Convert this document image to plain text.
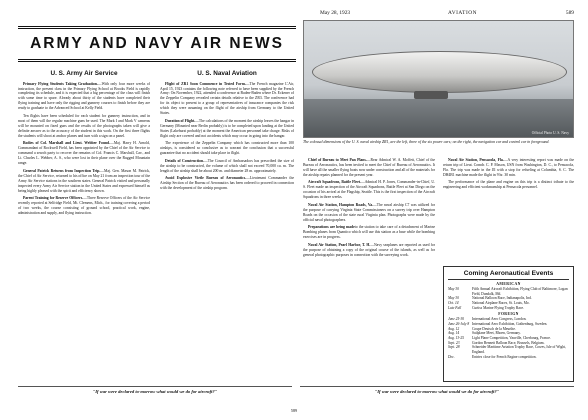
May 28, 1923	AVIATION	589
ARMY AND NAVY AIR NEWS
Official Photo U. S. Navy
The colossal dimensions of the U. S. naval airship ZR1, are the left, three of the six power cars; on the right, the navigation car and control car in foreground.
U. S. Army Air Service

Primary Flying Students Taking Graduation.—With only four more weeks of instruction, the present class in the Primary Flying School at Brooks Field is rapidly completing its schedule, and it is expected that a big percentage of the class will finish with some time to spare. Already about thirty of the students have completed their flying training and have only the rigging and gunnery courses to finish before they are ready to graduate to the Advanced School at Kelly Field.

Ten flights have been scheduled for each student for gunnery instruction, and in most of them will the regular machine guns be used. The Mark I and Mark V cameras will be mounted on fixed guns and the results of the photographs taken will give a definite answer as to the accuracy of the student in this work. On the first three flights the students will shoot at anchor planes and turn with a sign on a panel.

Bodies of Col. Marshall and Lieut. Webber Found.—Maj. Harry H. Arnold, Commandant of Rockwell Field, has been appointed by the Chief of the Air Service to command a search party to recover the remains of Col. Francis C. Marshall, Cav., and Lt. Charles L. Webber, A. S., who were lost in their plane over the Rugged Mountain range.

General Patrick Returns from Inspection Trip.—Maj. Gen. Mason M. Patrick, the Chief of Air Service, returned to his office on May 21 from an inspection tour of the Army Air Service stations in the southern states. General Patrick visited and personally inspected every Army Air Service station in the United States and expressed himself as being highly pleased with the spirit and efficiency shown.

Parent Training for Reserve Officers.—Three Reserve Officers of the Air Service recently reported at Selfridge Field, Mt. Clemens, Mich., for training covering a period of two weeks, the course consisting of ground school, practical work, engine, administration and supply, and flying instruction.

U. S. Naval Aviation

Flight of ZR1 Soon Commence in Tested Form.—The French magazine L'Air, April 15, 1923 contains the following note referred to have been supplied by the French Army: On November, 1922, attended a conference at Baden-Baden where Dr. Eckener of the Zeppelin Company revealed certain details relative to the ZR3. The conference had for its object to present to a group of representatives of insurance companies the risk which they were assuming on the flight of the airship from Germany to the United States.

Duration of Flight.—The calculations of the moment the airship leaves the hangar in Germany (Mounted near Berlin probably) is to be completed upon landing at the United States (Lakehurst probably) at the moment the American personnel take charge. Risks of flight only are covered and not accidents which may occur in going into the hangar.

The experience of the Zeppelin Company which has constructed more than 100 airships, is considered so conclusive as to warrant the conclusion that a successful guarantee that no accident should take place in flight.

Details of Construction.—The Council of Ambassadors has prescribed the size of the airship to be constructed, the volume of which shall not exceed 70,000 cu. m. The length of the airship shall be about 200 m. and diameter 28 m. approximately.

Avoid Explosive Vietle Bureau of Aeronautics.—Lieutenant Commander the Airship Section of the Bureau of Aeronautics has been ordered to proceed in connection with the development of the airship program.

Chief of Bureau to Meet Pan Plans.—Rear Admiral W. A. Moffett, Chief of the Bureau of Aeronautics, has been invited to meet the Chief of Bureau of Aeronautics. It will have all the smaller flying boats now under construction and all of the materials for the airship repairs planned for the present year.

Aircraft Squadrons, Battle Fleet.—Admiral H. P. Jones, Commander-in-Chief, U. S. Fleet made an inspection of the Aircraft Squadrons, Battle Fleet at San Diego on the occasion of his arrival at the Flagship, Seattle. This is the first inspection of the Aircraft Squadrons in three weeks.

Naval Air Station, Hampton Roads, Va.—The naval airship C7 was utilized for the purpose of carrying Virginia State Commissioners on a survey trip over Hampton Roads on the occasion of the state rural Virginia plan. Photographs were made by the official naval photographers.

Preparations are being madeto the station to take care of a detachment of Marine Bombing planes from Quantico which will use this station as a base while the bombing exercises are in progress.

Naval Air Station, Pearl Harbor, T. H.—Navy seaplanes are reported as used for the purpose of obtaining a copy of the original course of the islands, as well as for general photographic purposes in connection with the surveying work.

Naval Air Station, Pensacola, Fla.—A very interesting report was made on the return trip of Lieut. Comdr. C. P. Mason, USN from Washington, D. C., to Pensacola, Fla. The trip was made in the Jll with a stop for refueling at Columbia, S. C. The DH4B1 machine made the flight in 9 hr. 30 min.

The performance of the plane and engine on this trip is a distinct tribute to the engineering and efficient workmanship at Pensacola personnel.

Coming Aeronautical Events
AMERICAN
May 30	Fifth Annual Aircraft Exhibition, Flying Club of Baltimore, Logan Field, Dundalk, Md.
May 30	National Balloon Race, Indianapolis, Ind.
Oct. 14	National Airplane Races, St. Louis, Mo.
Late Fall	Curtiss Marine Flying Trophy Race.
FOREIGN
June 25-30	International Aero Congress, London.
June 26-July 8 International Aero Exhibition, Gothenburg, Sweden.
Aug. 12	Coupe Deutsch de la Meurthe.
Aug. 14	Sailplane Meet, Rhoen, Germany.
Aug. 13-25	Light Plane Competition, Vauville, Cherbourg, France.
Sept. 23	Gordon Bennett Balloon Race, Brussels, Belgium.
Sept. 28	Schneider Maritime Aviation Trophy Race, Cowes, Isle of Wight, England.
Dec.	Entries close for French Engine competition.
"If war were declared to-morrow what would we do for aircraft?"	"If war were declared to-morrow what would we do for aircraft?"
589
